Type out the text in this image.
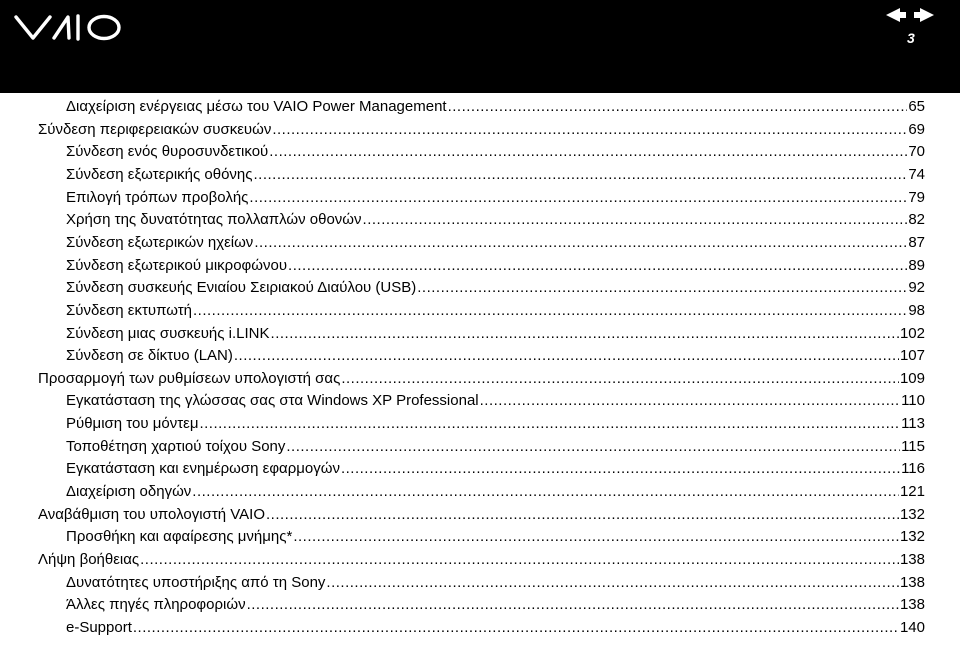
3
Διαχείριση ενέργειας μέσω του VAIO Power Management .....	65
Σύνδεση περιφερειακών συσκευών .....	69
Σύνδεση ενός θυροσυνδετικού .....	70
Σύνδεση εξωτερικής οθόνης .....	74
Επιλογή τρόπων προβολής .....	79
Χρήση της δυνατότητας πολλαπλών οθονών .....	82
Σύνδεση εξωτερικών ηχείων .....	87
Σύνδεση εξωτερικού μικροφώνου .....	89
Σύνδεση συσκευής Ενιαίου Σειριακού Διαύλου (USB) .....	92
Σύνδεση εκτυπωτή .....	98
Σύνδεση μιας συσκευής i.LINK .....	102
Σύνδεση σε δίκτυο (LAN) .....	107
Προσαρμογή των ρυθμίσεων υπολογιστή σας .....	109
Εγκατάσταση της γλώσσας σας στα Windows XP Professional .....	110
Ρύθμιση του μόντεμ .....	113
Τοποθέτηση χαρτιού τοίχου Sony .....	115
Εγκατάσταση και ενημέρωση εφαρμογών .....	116
Διαχείριση οδηγών .....	121
Αναβάθμιση του υπολογιστή VAIO .....	132
Προσθήκη και αφαίρεσης μνήμης* .....	132
Λήψη βοήθειας .....	138
Δυνατότητες υποστήριξης από τη Sony .....	138
Άλλες πηγές πληροφοριών .....	138
e-Support .....	140
